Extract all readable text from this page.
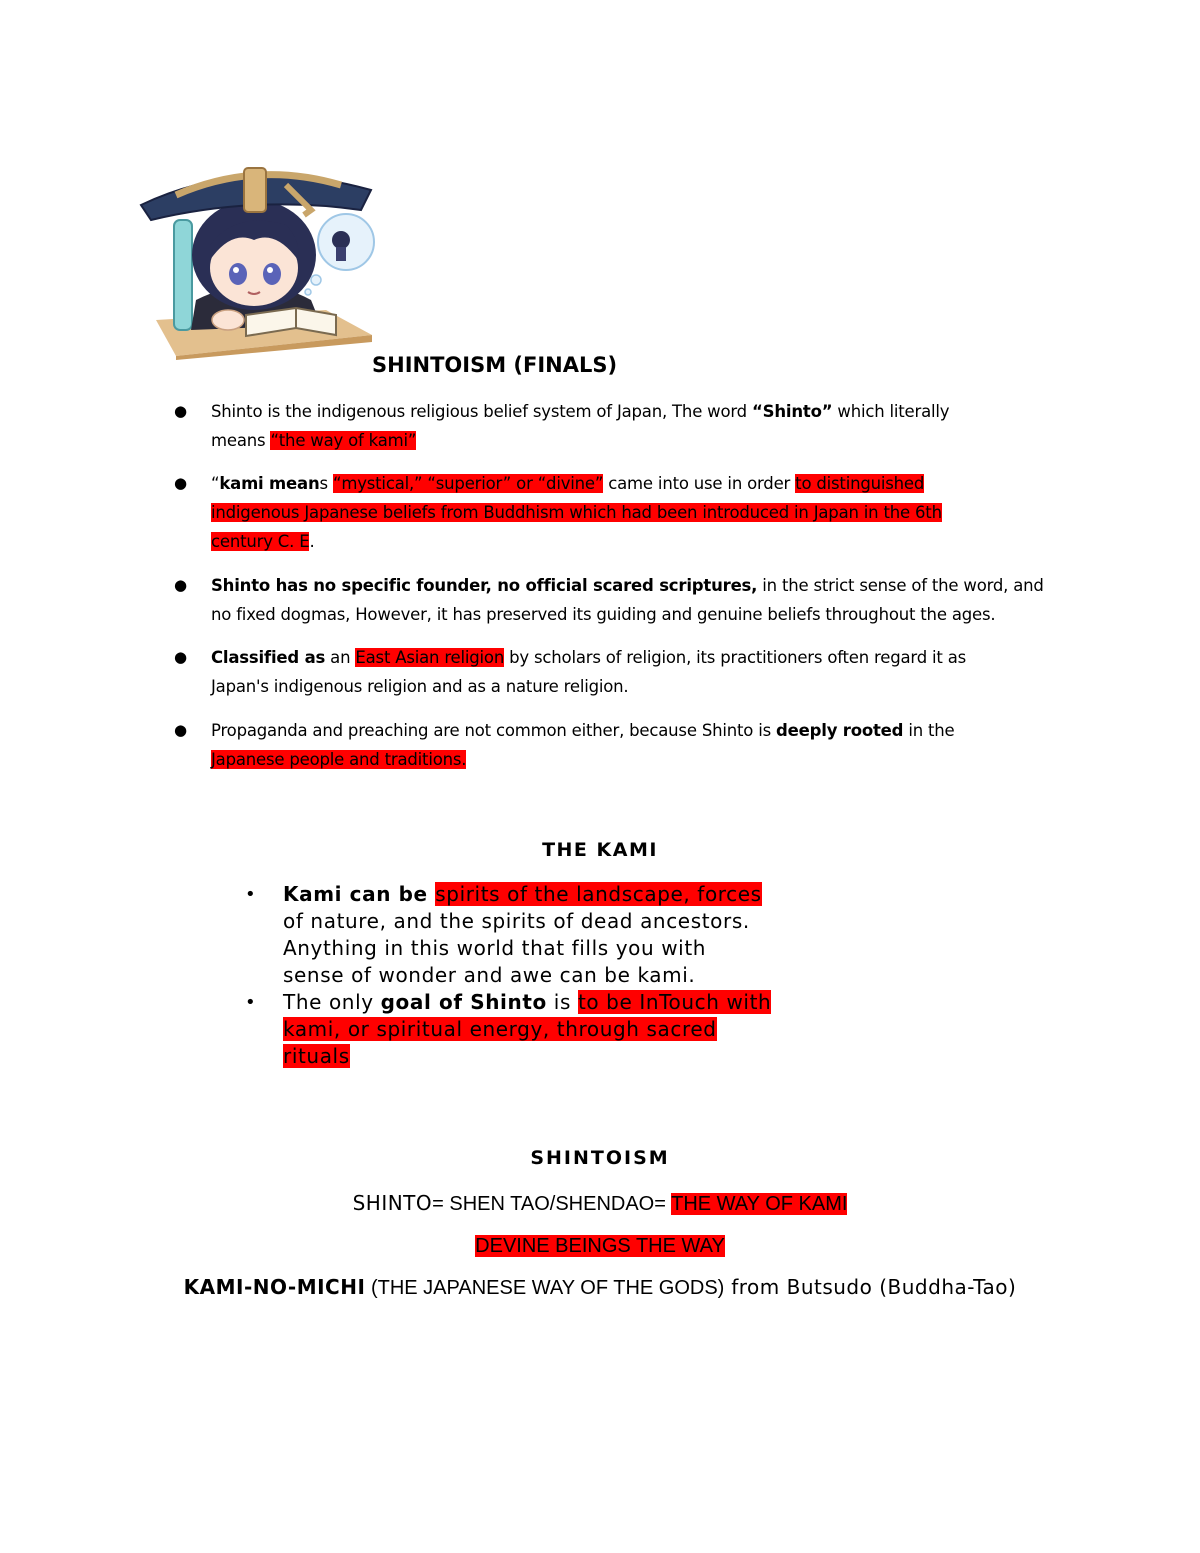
SHINTOISM (FINALS)
● Shinto is the indigenous religious belief system of Japan, The word “Shinto” which literally
means “the way of kami”
● “kami means “mystical,” “superior” or “divine” came into use in order to distinguished
indigenous Japanese beliefs from Buddhism which had been introduced in Japan in the 6th
century C. E.
● Shinto has no specific founder, no official scared scriptures, in the strict sense of the word, and
no fixed dogmas, However, it has preserved its guiding and genuine beliefs throughout the ages.
● Classified as an East Asian religion by scholars of religion, its practitioners often regard it as
Japan's indigenous religion and as a nature religion.
● Propaganda and preaching are not common either, because Shinto is deeply rooted in the
Japanese people and traditions.
THE KAMI
• Kami can be spirits of the landscape, forces
of nature, and the spirits of dead ancestors.
Anything in this world that fills you with
sense of wonder and awe can be kami.
• The only goal of Shinto is to be InTouch with
kami, or spiritual energy, through sacred
rituals
SHINTOISM
SHINTO= SHEN TAO/SHENDAO= THE WAY OF KAMI
DEVINE BEINGS THE WAY
KAMI-NO-MICHI (THE JAPANESE WAY OF THE GODS) from Butsudo (Buddha-Tao)
